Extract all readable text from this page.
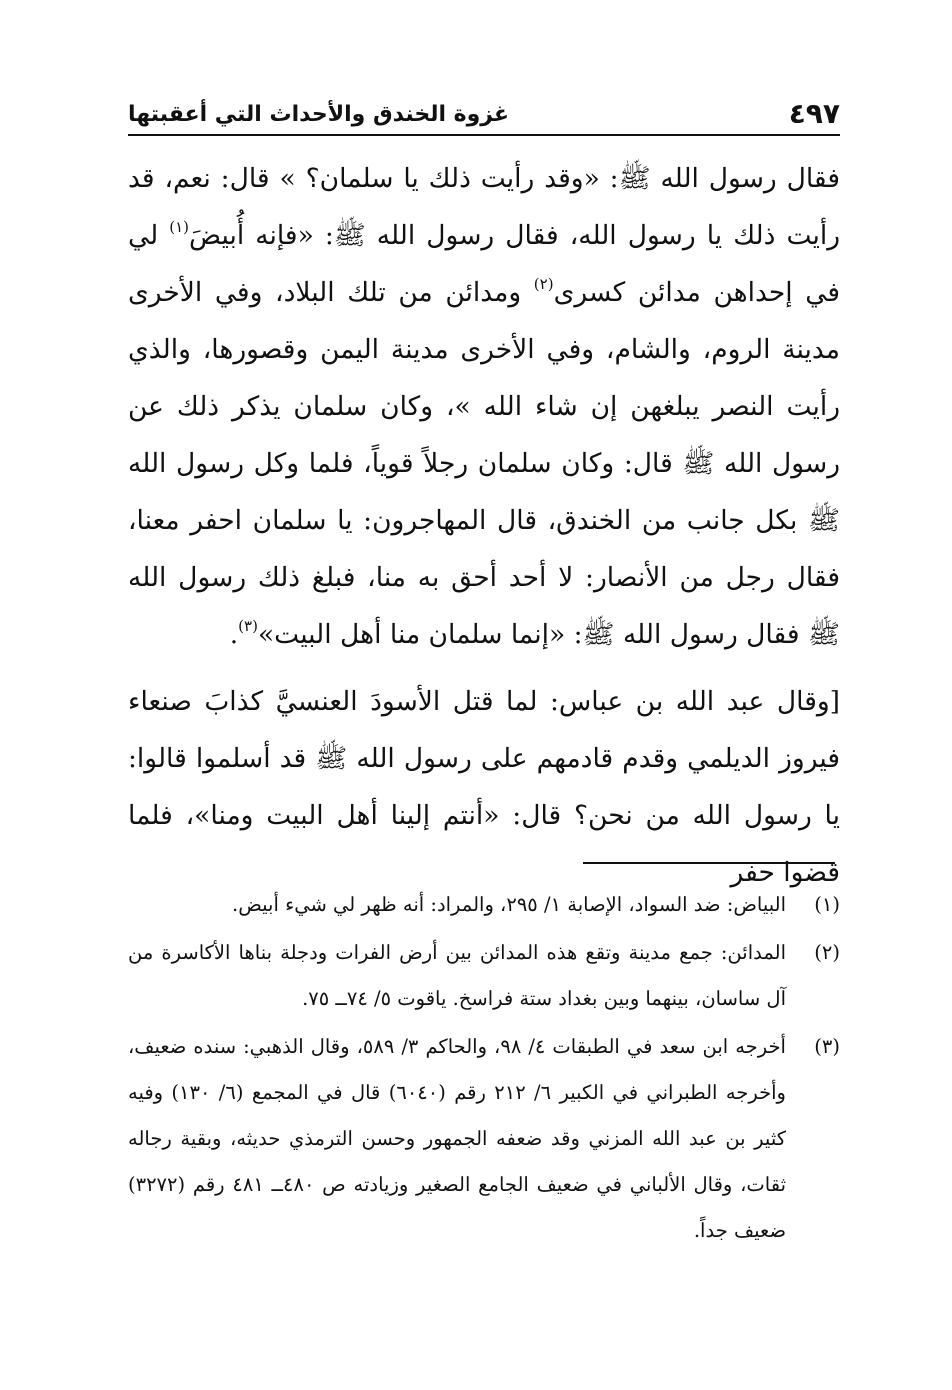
٤٩٧
غزوة الخندق والأحداث التي أعقبتها

فقال رسول الله ﷺ: «وقد رأيت ذلك يا سلمان؟ » قال: نعم، قد رأيت ذلك يا رسول الله، فقال رسول الله ﷺ: «فإنه أُبيضَ$^{(١)}$ لي في إحداهن مدائن كسرى$^{(٢)}$ ومدائن من تلك البلاد، وفي الأخرى مدينة الروم، والشام، وفي الأخرى مدينة اليمن وقصورها، والذي رأيت النصر يبلغهن إن شاء الله »، وكان سلمان يذكر ذلك عن رسول الله ﷺ قال: وكان سلمان رجلاً قوياً، فلما وكل رسول الله ﷺ بكل جانب من الخندق، قال المهاجرون: يا سلمان احفر معنا، فقال رجل من الأنصار: لا أحد أحق به منا، فبلغ ذلك رسول الله ﷺ فقال رسول الله ﷺ: «إنما سلمان منا أهل البيت»$^{(٣)}$.

[وقال عبد الله بن عباس: لما قتل الأسودَ العنسيَّ كذابَ صنعاء فيروز الديلمي وقدم قادمهم على رسول الله ﷺ قد أسلموا قالوا: يا رسول الله من نحن؟ قال: «أنتم إلينا أهل البيت ومنا»، فلما قضوا حفر

(١)
البياض: ضد السواد، الإصابة ١/ ٢٩٥، والمراد: أنه ظهر لي شيء أبيض.
(٢)
المدائن: جمع مدينة وتقع هذه المدائن بين أرض الفرات ودجلة بناها الأكاسرة من آل ساسان، بينهما وبين بغداد ستة فراسخ. ياقوت ٥/ ٧٤ــ ٧٥.
(٣)
أخرجه ابن سعد في الطبقات ٤/ ٩٨، والحاكم ٣/ ٥٨٩، وقال الذهبي: سنده ضعيف، وأخرجه الطبراني في الكبير ٦/ ٢١٢ رقم (٦٠٤٠) قال في المجمع (٦/ ١٣٠) وفيه كثير بن عبد الله المزني وقد ضعفه الجمهور وحسن الترمذي حديثه، وبقية رجاله ثقات، وقال الألباني في ضعيف الجامع الصغير وزيادته ص ٤٨٠ــ ٤٨١ رقم (٣٢٧٢) ضعيف جداً.
